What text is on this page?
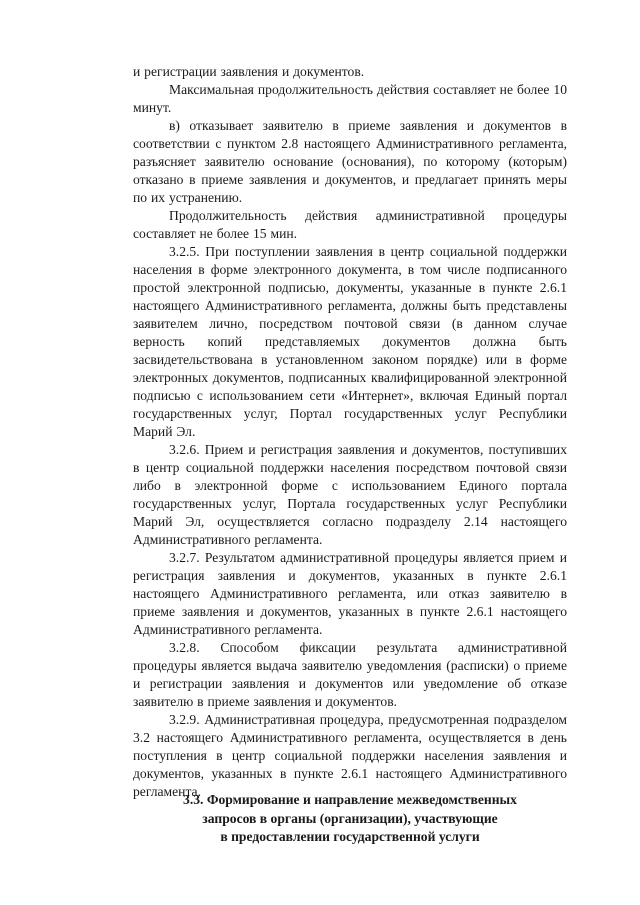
и регистрации заявления и документов.

Максимальная продолжительность действия составляет не более 10 минут.

в) отказывает заявителю в приеме заявления и документов в соответствии с пунктом 2.8 настоящего Административного регламента, разъясняет заявителю основание (основания), по которому (которым) отказано в приеме заявления и документов, и предлагает принять меры по их устранению.

Продолжительность действия административной процедуры составляет не более 15 мин.

3.2.5. При поступлении заявления в центр социальной поддержки населения в форме электронного документа, в том числе подписанного простой электронной подписью, документы, указанные в пункте 2.6.1 настоящего Административного регламента, должны быть представлены заявителем лично, посредством почтовой связи (в данном случае верность копий представляемых документов должна быть засвидетельствована в установленном законом порядке) или в форме электронных документов, подписанных квалифицированной электронной подписью с использованием сети «Интернет», включая Единый портал государственных услуг, Портал государственных услуг Республики Марий Эл.

3.2.6. Прием и регистрация заявления и документов, поступивших в центр социальной поддержки населения посредством почтовой связи либо в электронной форме с использованием Единого портала государственных услуг, Портала государственных услуг Республики Марий Эл, осуществляется согласно подразделу 2.14 настоящего Административного регламента.

3.2.7. Результатом административной процедуры является прием и регистрация заявления и документов, указанных в пункте 2.6.1 настоящего Административного регламента, или отказ заявителю в приеме заявления и документов, указанных в пункте 2.6.1 настоящего Административного регламента.

3.2.8. Способом фиксации результата административной процедуры является выдача заявителю уведомления (расписки) о приеме и регистрации заявления и документов или уведомление об отказе заявителю в приеме заявления и документов.

3.2.9. Административная процедура, предусмотренная подразделом 3.2 настоящего Административного регламента, осуществляется в день поступления в центр социальной поддержки населения заявления и документов, указанных в пункте 2.6.1 настоящего Административного регламента.

3.3. Формирование и направление межведомственных
запросов в органы (организации), участвующие
в предоставлении государственной услуги
